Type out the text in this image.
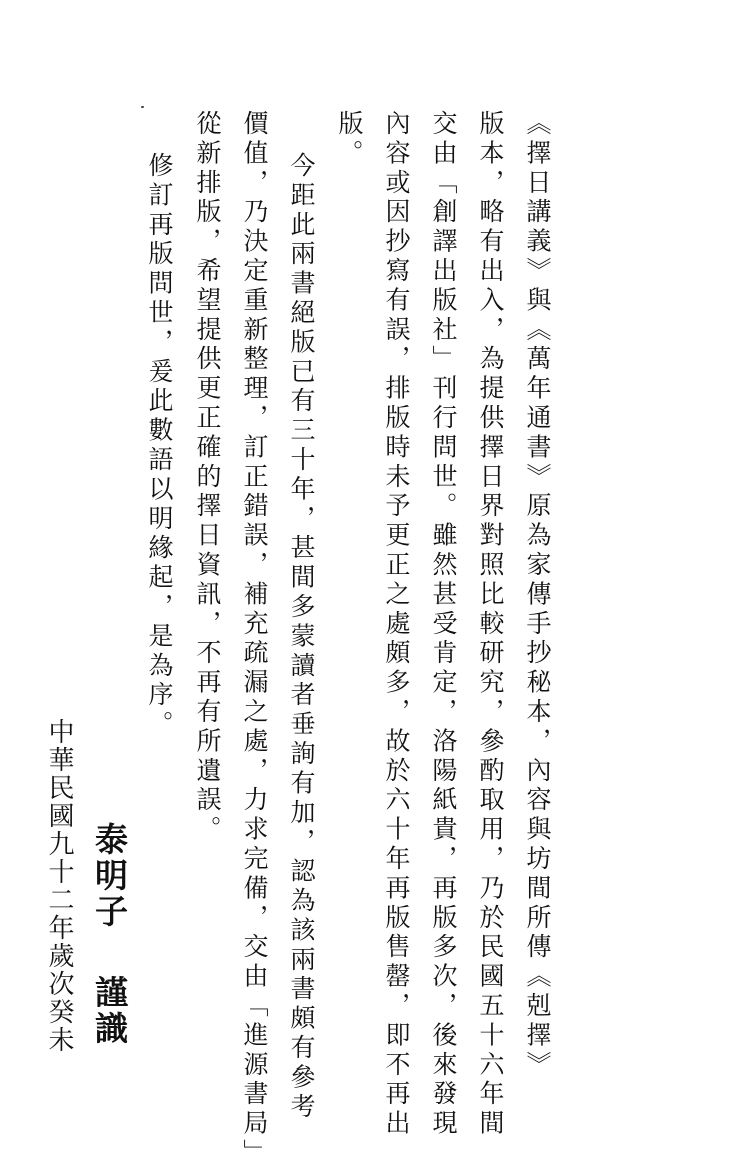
《擇日講義》與《萬年通書》原為家傳手抄秘本，內容與坊間所傳《剋擇》

版本，略有出入，為提供擇日界對照比較研究，參酌取用，乃於民國五十六年間

交由「創譯出版社」刊行問世。雖然甚受肯定，洛陽紙貴，再版多次，後來發現

內容或因抄寫有誤，排版時未予更正之處頗多，故於六十年再版售罄，即不再出

版。

今距此兩書絕版已有三十年，甚間多蒙讀者垂詢有加，認為該兩書頗有參考

價值，乃決定重新整理，訂正錯誤，補充疏漏之處，力求完備，交由「進源書局」

從新排版，希望提供更正確的擇日資訊，不再有所遺誤。

修訂再版問世，爰此數語以明緣起，是為序。

泰明子
謹識
中華民國九十二年歲次癸未
